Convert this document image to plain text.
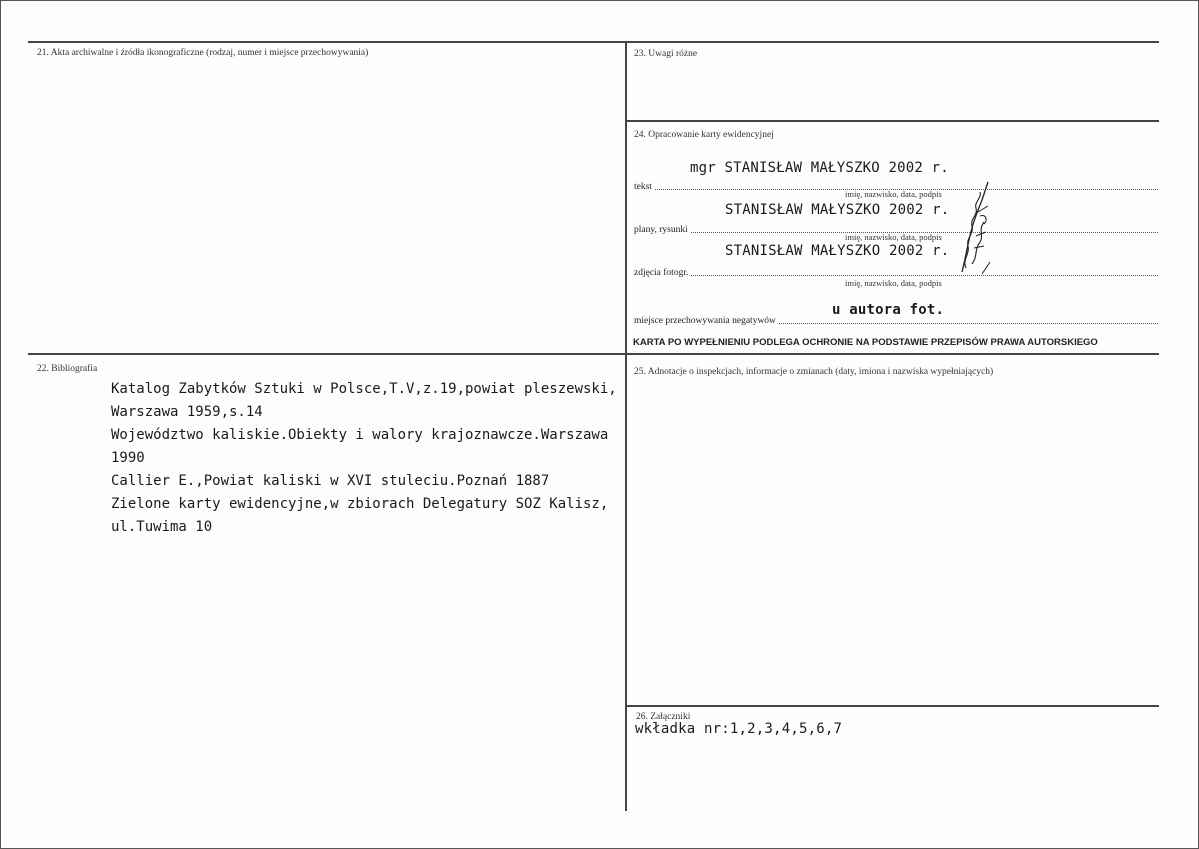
21. Akta archiwalne i źródła ikonograficzne (rodzaj, numer i miejsce przechowywania)	23. Uwagi różne
24. Opracowanie karty ewidencyjnej
22. Bibliografia	25. Adnotacje o inspekcjach, informacje o zmianach (daty, imiona i nazwiska wypełniających)
26. Załączniki
mgr STANISŁAW MAŁYSZKO 2002 r.
tekst
imię, nazwisko, data, podpis
STANISŁAW MAŁYSZKO 2002 r.
plany, rysunki
imię, nazwisko, data, podpis
STANISŁAW MAŁYSZKO 2002 r.
zdjęcia fotogr.
imię, nazwisko, data, podpis
u autora fot.
miejsce przechowywania negatywów
KARTA PO WYPEŁNIENIU PODLEGA OCHRONIE NA PODSTAWIE PRZEPISÓW PRAWA AUTORSKIEGO
Katalog Zabytków Sztuki w Polsce,T.V,z.19,powiat pleszewski,
Warszawa 1959,s.14
Województwo kaliskie.Obiekty i walory krajoznawcze.Warszawa
1990
Callier E.,Powiat kaliski w XVI stuleciu.Poznań 1887
Zielone karty ewidencyjne,w zbiorach Delegatury SOZ Kalisz,
ul.Tuwima 10
wkładka nr:1,2,3,4,5,6,7
